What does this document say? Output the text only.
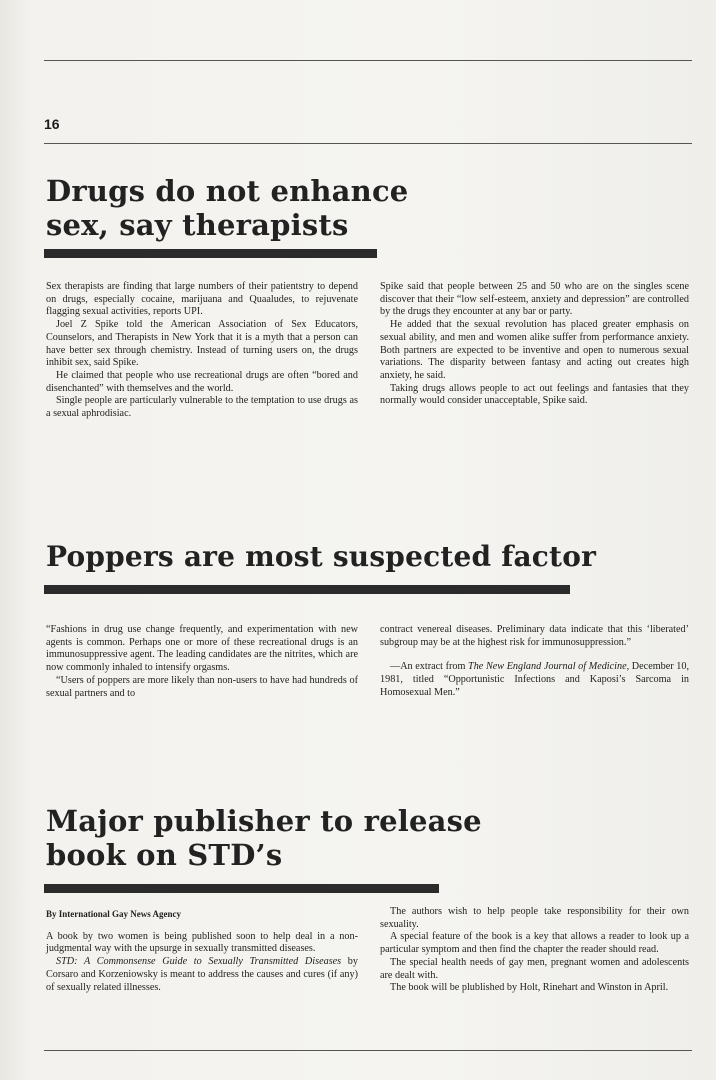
16
Drugs do not enhance
sex, say therapists

Sex therapists are finding that large numbers of their patientstry to depend on drugs, especially cocaine, marijuana and Quaaludes, to rejuvenate flagging sexual activities, reports UPI.

Joel Z Spike told the American Association of Sex Educators, Counselors, and Therapists in New York that it is a myth that a person can have better sex through chemistry. Instead of turning users on, the drugs inhibit sex, said Spike.

He claimed that people who use recreational drugs are often “bored and disenchanted” with themselves and the world.

Single people are particularly vulnerable to the temptation to use drugs as a sexual aphrodisiac.

Spike said that people between 25 and 50 who are on the singles scene discover that their “low self-esteem, anxiety and depression” are controlled by the drugs they encounter at any bar or party.

He added that the sexual revolution has placed greater emphasis on sexual ability, and men and women alike suffer from performance anxiety. Both partners are expected to be inventive and open to numerous sexual variations. The disparity between fantasy and acting out creates high anxiety, he said.

Taking drugs allows people to act out feelings and fantasies that they normally would consider unacceptable, Spike said.

Poppers are most suspected factor

“Fashions in drug use change frequently, and experimentation with new agents is common. Perhaps one or more of these recreational drugs is an immunosuppressive agent. The leading candidates are the nitrites, which are now commonly inhaled to intensify orgasms.

“Users of poppers are more likely than non-users to have had hundreds of sexual partners and to

contract venereal diseases. Preliminary data indicate that this ‘liberated’ subgroup may be at the highest risk for immunosuppression.”

—An extract from The New England Journal of Medicine, December 10, 1981, titled “Opportunistic Infections and Kaposi’s Sarcoma in Homosexual Men.”

Major publisher to release
book on STD’s

By International Gay News Agency

A book by two women is being published soon to help deal in a non-judgmental way with the upsurge in sexually transmitted diseases.

STD: A Commonsense Guide to Sexually Transmitted Diseases by Corsaro and Korzeniowsky is meant to address the causes and cures (if any) of sexually related illnesses.

The authors wish to help people take responsibility for their own sexuality.

A special feature of the book is a key that allows a reader to look up a particular symptom and then find the chapter the reader should read.

The special health needs of gay men, pregnant women and adolescents are dealt with.

The book will be plublished by Holt, Rinehart and Winston in April.
